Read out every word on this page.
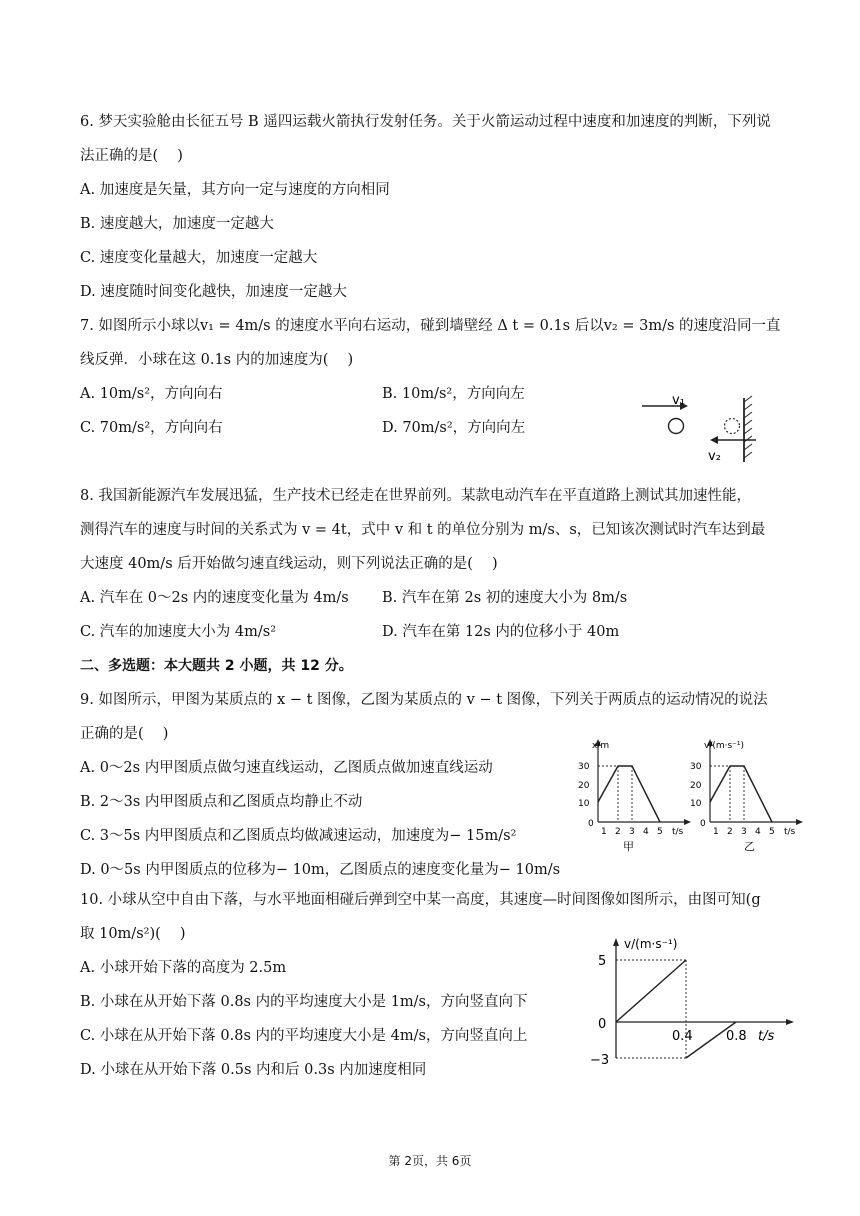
6. 梦天实验舱由长征五号 B 遥四运载火箭执行发射任务。关于火箭运动过程中速度和加速度的判断，下列说
法正确的是(　 )
A. 加速度是矢量，其方向一定与速度的方向相同
B. 速度越大，加速度一定越大
C. 速度变化量越大，加速度一定越大
D. 速度随时间变化越快，加速度一定越大
7. 如图所示小球以v₁ = 4m/s 的速度水平向右运动，碰到墙壁经 Δ t = 0.1s 后以v₂ = 3m/s 的速度沿同一直
线反弹．小球在这 0.1s 内的加速度为(　 )
A. 10m/s²，方向向右	B. 10m/s²，方向向左
C. 70m/s²，方向向右	D. 70m/s²，方向向左
v₁
v₂
8. 我国新能源汽车发展迅猛，生产技术已经走在世界前列。某款电动汽车在平直道路上测试其加速性能，
测得汽车的速度与时间的关系式为 v = 4t，式中 v 和 t 的单位分别为 m/s、s，已知该次测试时汽车达到最
大速度 40m/s 后开始做匀速直线运动，则下列说法正确的是(　 )
A. 汽车在 0～2s 内的速度变化量为 4m/s B. 汽车在第 2s 初的速度大小为 8m/s
C. 汽车的加速度大小为 4m/s²	D. 汽车在第 12s 内的位移小于 40m
二、多选题：本大题共 2 小题，共 12 分。
9. 如图所示，甲图为某质点的 x − t 图像，乙图为某质点的 v − t 图像，下列关于两质点的运动情况的说法
正确的是(　 )
A. 0～2s 内甲图质点做匀速直线运动，乙图质点做加速直线运动
B. 2～3s 内甲图质点和乙图质点均静止不动
C. 3～5s 内甲图质点和乙图质点均做减速运动，加速度为− 15m/s²
D. 0～5s 内甲图质点的位移为− 10m，乙图质点的速度变化量为− 10m/s
x/m
30
20
10
0
1 2 3 4 5 t/s
甲
v/(m·s⁻¹)
30
20
10
0
1 2 3 4 5 t/s
乙
10. 小球从空中自由下落，与水平地面相碰后弹到空中某一高度，其速度—时间图像如图所示，由图可知(g
取 10m/s²)(　 )
A. 小球开始下落的高度为 2.5m
B. 小球在从开始下落 0.8s 内的平均速度大小是 1m/s，方向竖直向下
C. 小球在从开始下落 0.8s 内的平均速度大小是 4m/s，方向竖直向上
D. 小球在从开始下落 0.5s 内和后 0.3s 内加速度相同
v/(m·s⁻¹)
5
0
−3
0.4	0.8 t/s
第 2页，共 6页
